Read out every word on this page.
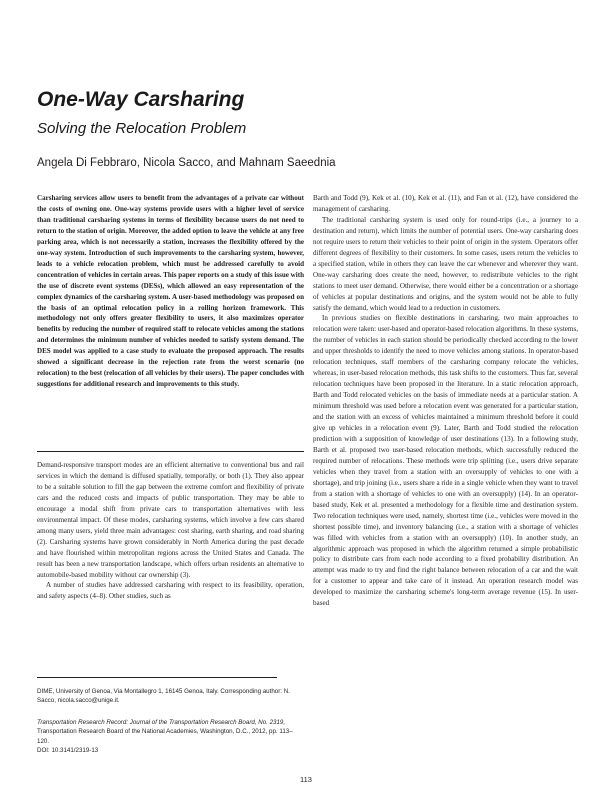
One-Way Carsharing
Solving the Relocation Problem
Angela Di Febbraro, Nicola Sacco, and Mahnam Saeednia

Carsharing services allow users to benefit from the advantages of a private car without the costs of owning one. One-way systems provide users with a higher level of service than traditional carsharing systems in terms of flexibility because users do not need to return to the station of origin. Moreover, the added option to leave the vehicle at any free parking area, which is not necessarily a station, increases the flexibility offered by the one-way system. Introduction of such improvements to the carsharing system, however, leads to a vehicle relocation problem, which must be addressed carefully to avoid concentration of vehicles in certain areas. This paper reports on a study of this issue with the use of discrete event systems (DESs), which allowed an easy representation of the complex dynamics of the carsharing system. A user-based methodology was proposed on the basis of an optimal relocation policy in a rolling horizon framework. This methodology not only offers greater flexibility to users, it also maximizes operator benefits by reducing the number of required staff to relocate vehicles among the stations and determines the minimum number of vehicles needed to satisfy system demand. The DES model was applied to a case study to evaluate the proposed approach. The results showed a significant decrease in the rejection rate from the worst scenario (no relocation) to the best (relocation of all vehicles by their users). The paper concludes with suggestions for additional research and improvements to this study.

Demand-responsive transport modes are an efficient alternative to conventional bus and rail services in which the demand is diffused spatially, temporally, or both (1). They also appear to be a suitable solution to fill the gap between the extreme comfort and flexibility of private cars and the reduced costs and impacts of public transportation. They may be able to encourage a modal shift from private cars to transportation alternatives with less environmental impact. Of these modes, carsharing systems, which involve a few cars shared among many users, yield three main advantages: cost sharing, earth sharing, and road sharing (2). Carsharing systems have grown considerably in North America during the past decade and have flourished within metropolitan regions across the United States and Canada. The result has been a new transportation landscape, which offers urban residents an alternative to automobile-based mobility without car ownership (3).

A number of studies have addressed carsharing with respect to its feasibility, operation, and safety aspects (4–8). Other studies, such as

DIME, University of Genoa, Via Montallegro 1, 16145 Genoa, Italy. Corresponding author: N. Sacco, nicola.sacco@unige.it.
Transportation Research Record: Journal of the Transportation Research Board, No. 2319, Transportation Research Board of the National Academies, Washington, D.C., 2012, pp. 113–120.
DOI: 10.3141/2319-13

Barth and Todd (9), Kek et al. (10), Kek et al. (11), and Fan et al. (12), have considered the management of carsharing.

The traditional carsharing system is used only for round-trips (i.e., a journey to a destination and return), which limits the number of potential users. One-way carsharing does not require users to return their vehicles to their point of origin in the system. Operators offer different degrees of flexibility to their customers. In some cases, users return the vehicles to a specified station, while in others they can leave the car whenever and wherever they want. One-way carsharing does create the need, however, to redistribute vehicles to the right stations to meet user demand. Otherwise, there would either be a concentration or a shortage of vehicles at popular destinations and origins, and the system would not be able to fully satisfy the demand, which would lead to a reduction in customers.

In previous studies on flexible destinations in carsharing, two main approaches to relocation were taken: user-based and operator-based relocation algorithms. In these systems, the number of vehicles in each station should be periodically checked according to the lower and upper thresholds to identify the need to move vehicles among stations. In operator-based relocation techniques, staff members of the carsharing company relocate the vehicles, whereas, in user-based relocation methods, this task shifts to the customers. Thus far, several relocation techniques have been proposed in the literature. In a static relocation approach, Barth and Todd relocated vehicles on the basis of immediate needs at a particular station. A minimum threshold was used before a relocation event was generated for a particular station, and the station with an excess of vehicles maintained a minimum threshold before it could give up vehicles in a relocation event (9). Later, Barth and Todd studied the relocation prediction with a supposition of knowledge of user destinations (13). In a following study, Barth et al. proposed two user-based relocation methods, which successfully reduced the required number of relocations. These methods were trip splitting (i.e., users drive separate vehicles when they travel from a station with an oversupply of vehicles to one with a shortage), and trip joining (i.e., users share a ride in a single vehicle when they want to travel from a station with a shortage of vehicles to one with an oversupply) (14). In an operator-based study, Kek et al. presented a methodology for a flexible time and destination system. Two relocation techniques were used, namely, shortest time (i.e., vehicles were moved in the shortest possible time), and inventory balancing (i.e., a station with a shortage of vehicles was filled with vehicles from a station with an oversupply) (10). In another study, an algorithmic approach was proposed in which the algorithm returned a simple probabilistic policy to distribute cars from each node according to a fixed probability distribution. An attempt was made to try and find the right balance between relocation of a car and the wait for a customer to appear and take care of it instead. An operation research model was developed to maximize the carsharing scheme's long-term average revenue (15). In user-based

113
